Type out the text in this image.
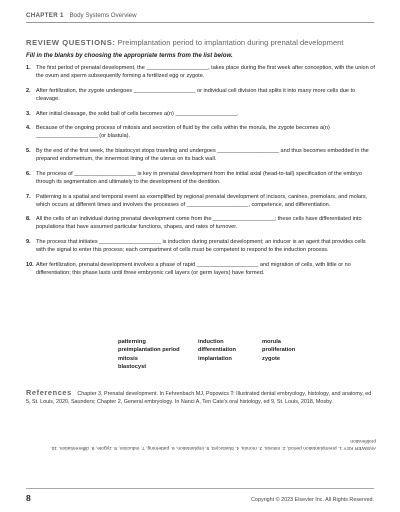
CHAPTER 1 Body Systems Overview
REVIEW QUESTIONS: Preimplantation period to implantation during prenatal development
Fill in the blanks by choosing the appropriate terms from the list below.
1. The first period of prenatal development, the ____________________, takes place during the first week after conception, with the union of the ovum and sperm subsequently forming a fertilized egg or zygote.
2. After fertilization, the zygote undergoes ____________________ or individual cell division that splits it into many more cells due to cleavage.
3. After initial cleavage, the solid ball of cells becomes a(n) ____________________.
4. Because of the ongoing process of mitosis and secretion of fluid by the cells within the morula, the zygote becomes a(n) ____________________ (or blastula).
5. By the end of the first week, the blastocyst stops traveling and undergoes ____________________ and thus becomes embedded in the prepared endometrium, the innermost lining of the uterus on its back wall.
6. The process of ____________________ is key in prenatal development from the initial axial (head-to-tail) specification of the embryo through its segmentation and ultimately to the development of the dentition.
7. Patterning is a spatial and temporal event as exemplified by regional prenatal development of incisors, canines, premolars, and molars, which occurs at different times and involves the processes of ____________________, competence, and differentiation.
8. All the cells of an individual during prenatal development come from the ____________________; these cells have differentiated into populations that have assumed particular functions, shapes, and rates of turnover.
9. The process that initiates ____________________ is induction during prenatal development; an inducer is an agent that provides cells with the signal to enter this process; each compartment of cells must be competent to respond to the induction process.
10. After fertilization, prenatal development involves a phase of rapid ____________________ and migration of cells, with little or no differentiation; this phase lasts until three embryonic cell layers (or germ layers) have formed.
patterning	induction	morula
preimplantation period	differentiation	proliferation
mitosis	implantation	zygote
blastocyst
References Chapter 3, Prenatal development. In Fehrenbach MJ, Popowics T: Illustrated dental embryology, histology, and anatomy, ed 5, St. Louis, 2020, Saunders; Chapter 2, General embryology. In Nanci A, Ten Cate's oral histology, ed 9, St. Louis, 2018, Mosby.
ANSWER KEY 1. preimplantation period, 2. mitosis, 3. morula, 4. blastocyst, 5. implantation, 6. patterning, 7. induction, 8. zygote, 9. differentiation, 10. proliferation
8	Copyright © 2023 Elsevier Inc. All Rights Reserved.
